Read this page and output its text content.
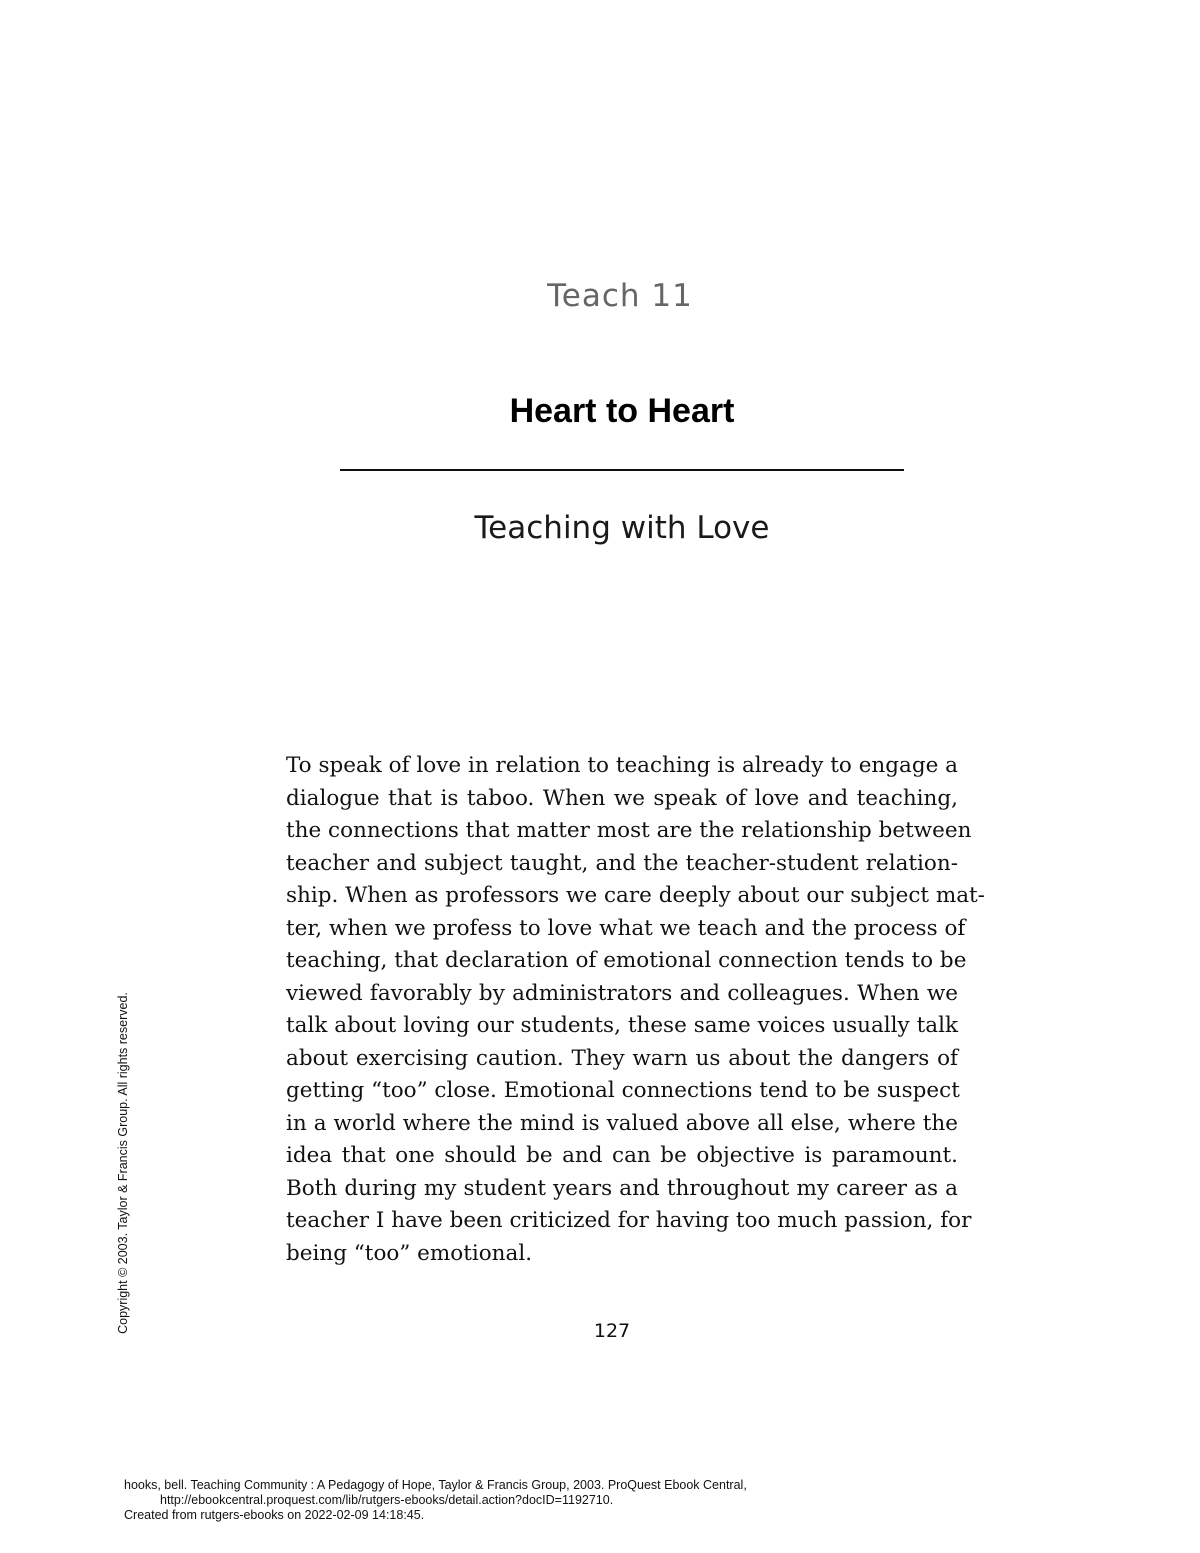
Teach 11
Heart to Heart
Teaching with Love
To speak of love in relation to teaching is already to engage a
dialogue that is taboo. When we speak of love and teaching,
the connections that matter most are the relationship between
teacher and subject taught, and the teacher-student relation-
ship. When as professors we care deeply about our subject mat-
ter, when we profess to love what we teach and the process of
teaching, that declaration of emotional connection tends to be
viewed favorably by administrators and colleagues. When we
talk about loving our students, these same voices usually talk
about exercising caution. They warn us about the dangers of
getting “too” close. Emotional connections tend to be suspect
in a world where the mind is valued above all else, where the
idea that one should be and can be objective is paramount.
Both during my student years and throughout my career as a
teacher I have been criticized for having too much passion, for
being “too” emotional.
127
Copyright © 2003. Taylor & Francis Group. All rights reserved.
hooks, bell. Teaching Community : A Pedagogy of Hope, Taylor & Francis Group, 2003. ProQuest Ebook Central,
http://ebookcentral.proquest.com/lib/rutgers-ebooks/detail.action?docID=1192710.
Created from rutgers-ebooks on 2022-02-09 14:18:45.
